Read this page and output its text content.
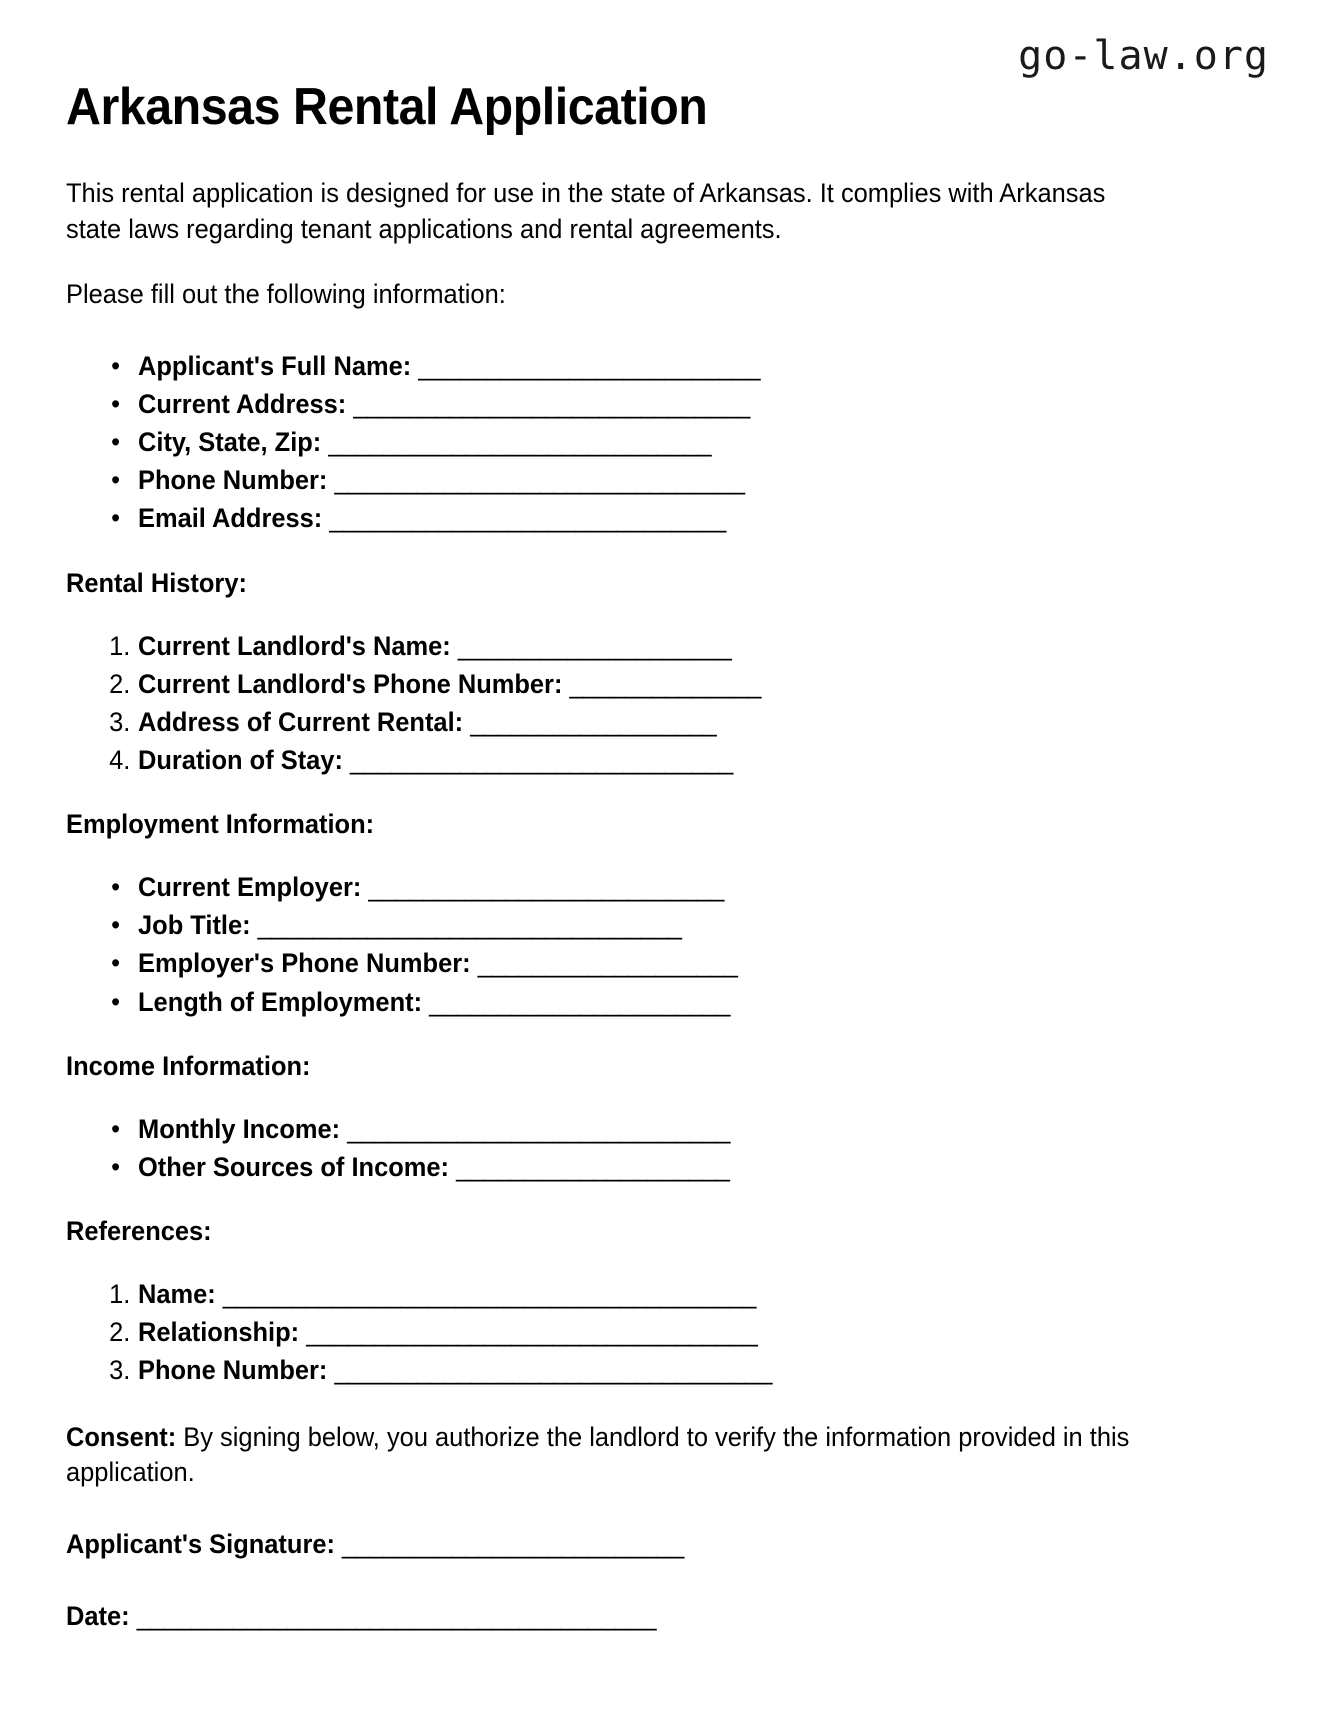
go-law.org
Arkansas Rental Application

This rental application is designed for use in the state of Arkansas. It complies with Arkansas state laws regarding tenant applications and rental agreements.

Please fill out the following information:

• Applicant's Full Name: _________________________
• Current Address: _____________________________
• City, State, Zip: ____________________________
• Phone Number: ______________________________
• Email Address: _____________________________
Rental History:
1. Current Landlord's Name: ____________________
2. Current Landlord's Phone Number: ______________
3. Address of Current Rental: __________________
4. Duration of Stay: ____________________________
Employment Information:
• Current Employer: __________________________
• Job Title: _______________________________
• Employer's Phone Number: ___________________
• Length of Employment: ______________________
Income Information:
• Monthly Income: ____________________________
• Other Sources of Income: ____________________
References:
1. Name: _______________________________________
2. Relationship: _________________________________
3. Phone Number: ________________________________

Consent: By signing below, you authorize the landlord to verify the information provided in this application.

Applicant's Signature: _________________________
Date: ______________________________________
